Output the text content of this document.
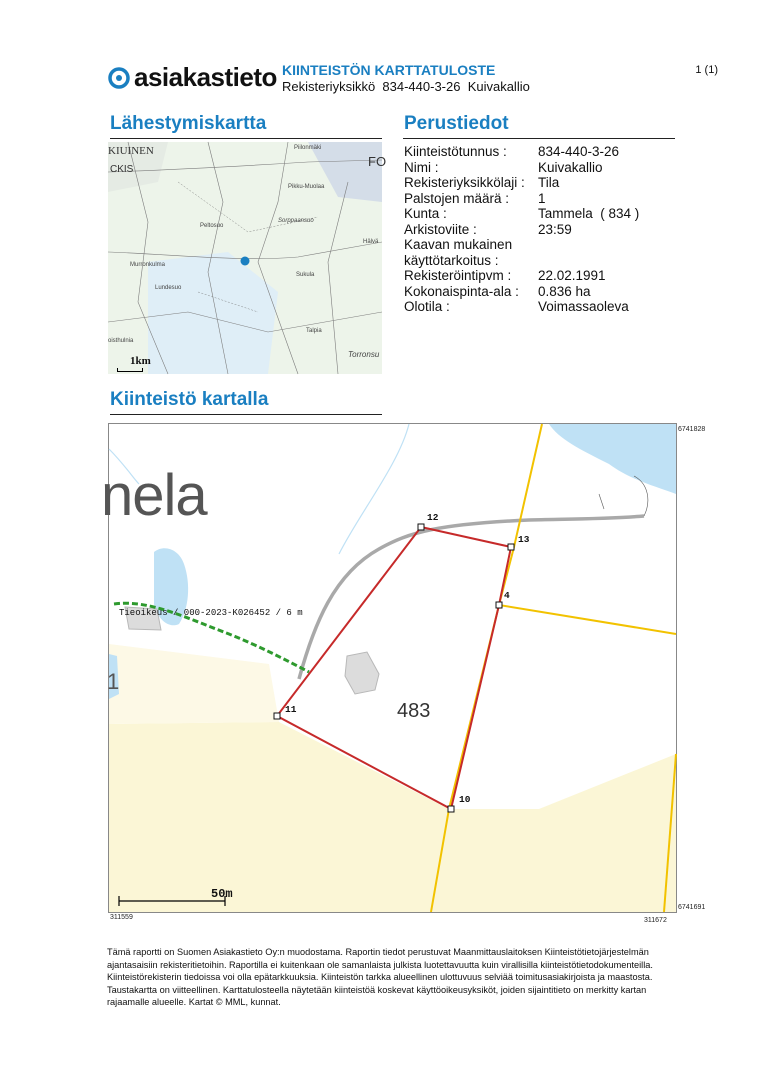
asiakastieto KIINTEISTÖN KARTTATULOSTE
Rekisteriyksikkö  834-440-3-26  Kuivakallio
1 (1)
Lähestymiskartta
KIUINEN
CKIS
Piilonmäki
Pikku-Muolaa
Peltosuo
Sorppaansuo
Hälvä
Murronkulma
Sukula
Lundesuo
Talpia
oisthulnia
Torronsu
FO
1km
Perustiedot
Kiinteistötunnus :	834-440-3-26
Nimi :	Kuivakallio
Rekisteriyksikkölaji : Tila
Palstojen määrä :	1
Kunta :	Tammela  ( 834 )
Arkistoviite :	23:59
Kaavan mukainen
käyttötarkoitus :
Rekisteröintipvm :	22.02.1991
Kokonaispinta-ala :	0.836 ha
Olotila :	Voimassaoleva
Kiinteistö kartalla
nela
1
483
Tieoikeus / 000-2023-K026452 / 6 m
12
13
4
11
10
50m
6741828
6741691
311559	311672
Tämä raportti on Suomen Asiakastieto Oy:n muodostama. Raportin tiedot perustuvat Maanmittauslaitoksen Kiinteistötietojärjestelmän ajantasaisiin rekisteritietoihin. Raportilla ei kuitenkaan ole samanlaista julkista luotettavuutta kuin virallisilla kiinteistötietodokumenteilla. Kiinteistörekisterin tiedoissa voi olla epätarkkuuksia. Kiinteistön tarkka alueellinen ulottuvuus selviää toimitusasiakirjoista ja maastosta. Taustakartta on viitteellinen. Karttatulosteella näytetään kiinteistöä koskevat käyttöoikeusyksiköt, joiden sijaintitieto on merkitty kartan rajaamalle alueelle. Kartat © MML, kunnat.
